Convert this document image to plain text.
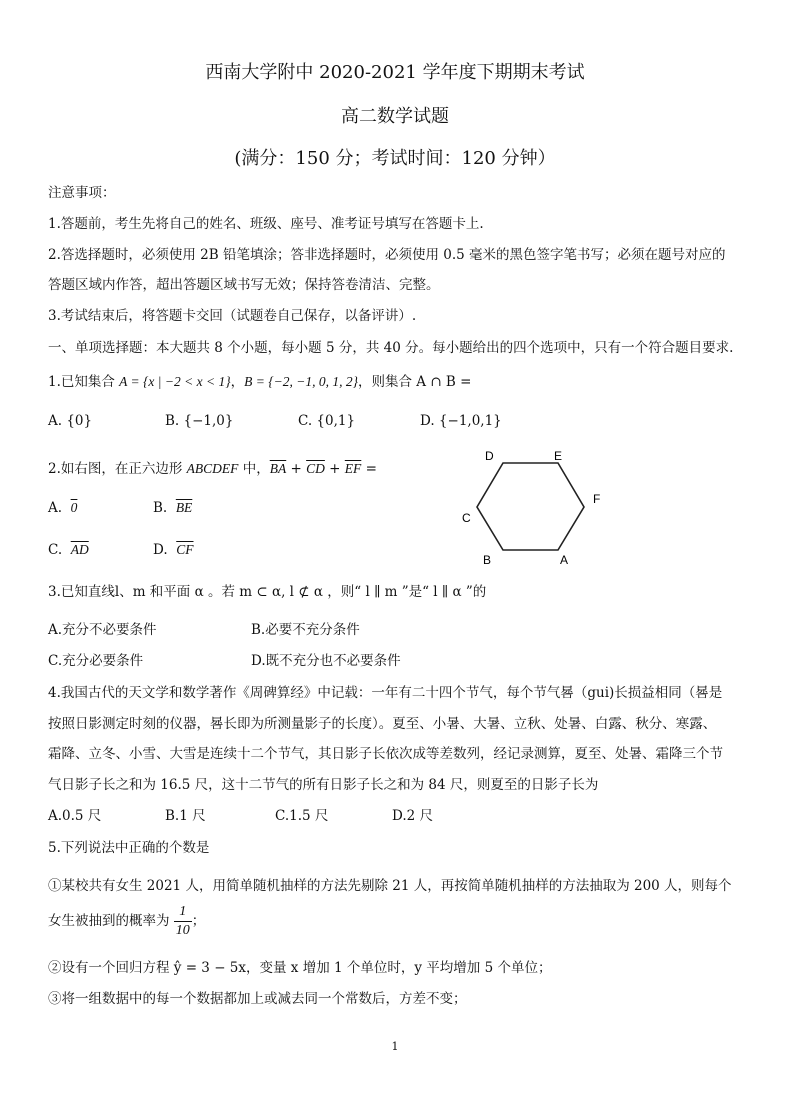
西南大学附中 2020-2021 学年度下期期末考试
高二数学试题
(满分：150 分；考试时间：120 分钟）
注意事项：
1.答题前，考生先将自己的姓名、班级、座号、准考证号填写在答题卡上.
2.答选择题时，必须使用 2B 铅笔填涂；答非选择题时，必须使用 0.5 毫米的黑色签字笔书写；必须在题号对应的
答题区域内作答，超出答题区域书写无效；保持答卷清洁、完整。
3.考试结束后，将答题卡交回（试题卷自己保存，以备评讲）.
一、单项选择题：本大题共 8 个小题，每小题 5 分，共 40 分。每小题给出的四个选项中，只有一个符合题目要求.
1.已知集合 A = {x | −2 < x < 1}，B = {−2, −1, 0, 1, 2}，则集合 A ∩ B =
A. {0}	B. {−1,0}	C. {0,1}	D. {−1,0,1}
2.如右图，在正六边形 ABCDEF 中，$\overline{BA} + \overline{CD} + \overline{EF}$ =
A. 0	B. $\overline{BE}$
C. $\overline{AD}$	D. $\overline{CF}$
D	E
F
C
B	A
3.已知直线l、m 和平面 α 。若 m ⊂ α, l ⊄ α ，则“ l ∥ m ”是“ l ∥ α ”的
A.充分不必要条件	B.必要不充分条件
C.充分必要条件	D.既不充分也不必要条件
4.我国古代的天文学和数学著作《周碑算经》中记载：一年有二十四个节气，每个节气晷（gui)长损益相同（晷是
按照日影测定时刻的仪器，晷长即为所测量影子的长度）。夏至、小暑、大暑、立秋、处暑、白露、秋分、寒露、
霜降、立冬、小雪、大雪是连续十二个节气，其日影子长依次成等差数列，经记录测算，夏至、处暑、霜降三个节
气日影子长之和为 16.5 尺，这十二节气的所有日影子长之和为 84 尺，则夏至的日影子长为
A.0.5 尺	B.1 尺	C.1.5 尺	D.2 尺
5.下列说法中正确的个数是
①某校共有女生 2021 人，用简单随机抽样的方法先剔除 21 人，再按简单随机抽样的方法抽取为 200 人，则每个
女生被抽到的概率为 $\frac{1}{10}$ ；
②设有一个回归方程 ŷ = 3 − 5x，变量 x 增加 1 个单位时，y 平均增加 5 个单位；
③将一组数据中的每一个数据都加上或减去同一个常数后，方差不变；
1
